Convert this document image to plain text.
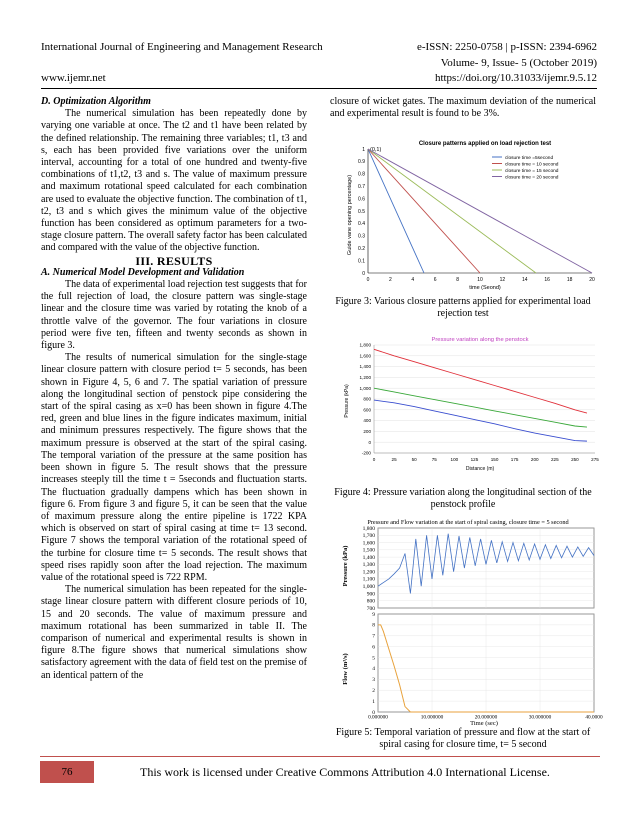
International Journal of Engineering and Management Research	e-ISSN: 2250-0758 | p-ISSN: 2394-6962
Volume- 9, Issue- 5 (October 2019)
www.ijemr.net	https://doi.org/10.31033/ijemr.9.5.12

D. Optimization Algorithm

The numerical simulation has been repeatedly done by varying one variable at once. The t2 and t1 have been related by the defined relationship. The remaining three variables; t1, t3 and s, each has been provided five variations over the uniform interval, accounting for a total of one hundred and twenty-five combinations of t1,t2, t3 and s. The value of maximum pressure and maximum rotational speed calculated for each combination are used to evaluate the objective function. The combination of t1, t2, t3 and s which gives the minimum value of the objective function has been considered as optimum parameters for a two-stage closure pattern. The overall safety factor has been calculated and compared with the value of the objective function.

III. RESULTS

A. Numerical Model Development and Validation

The data of experimental load rejection test suggests that for the full rejection of load, the closure pattern was single-stage linear and the closure time was varied by rotating the knob of a throttle valve of the governor. The four variations in closure period were five ten, fifteen and twenty seconds as shown in figure 3.

The results of numerical simulation for the single-stage linear closure pattern with closure period t= 5 seconds, has been shown in Figure 4, 5, 6 and 7. The spatial variation of pressure along the longitudinal section of penstock pipe considering the start of the spiral casing as x=0 has been shown in figure 4.The red, green and blue lines in the figure indicates maximum, initial and minimum pressures respectively. The figure shows that the maximum pressure is observed at the start of the spiral casing. The temporal variation of the pressure at the same position has been shown in figure 5. The result shows that the pressure increases steeply till the time t = 5seconds and fluctuation starts. The fluctuation gradually dampens which has been shown in figure 6. From figure 3 and figure 5, it can be seen that the value of maximum pressure along the entire pipeline is 1722 KPA which is observed on start of spiral casing at time t= 13 second. Figure 7 shows the temporal variation of the rotational speed of the turbine for closure time t= 5 seconds. The result shows that speed rises rapidly soon after the load rejection. The maximum value of the rotational speed is 722 RPM.

The numerical simulation has been repeated for the single-stage linear closure pattern with different closure periods of 10, 15 and 20 seconds. The value of maximum pressure and maximum rotational has been summarized in table II. The comparison of numerical and experimental results is shown in figure 8.The figure shows that numerical simulations show satisfactory agreement with the data of field test on the premise of an identical pattern of the

closure of wicket gates. The maximum deviation of the numerical and experimental result is found to be 3%.

Closure patterns applied on load rejection test
Guide vane opening percentage)
time (Seond)
(0,1)
0	2	4	6	8	10	12	14	16	18	20
0
0.1
0.2
0.3
0.4
0.5
0.6
0.7
0.8
0.9
1
closure time =5second
closure time = 10 second
closure time = 15 second
closure time = 20 second
Figure 3: Various closure patterns applied for experimental load rejection test
Pressure variation along the penstock
Pressure (kPa)
Distance (m)
-200
0
200
400
600
800
1,000
1,200
1,400
1,600
1,800
0	25	50	75	100	125	150	175	200	225	250	275
Figure 4: Pressure variation along the longitudinal section of the penstock profile
Pressure and Flow variation at the start of spiral casing, closure time = 5 second
Pressure (kPa)
Flow (m³/s)
Time (sec)
700
800
900
1,000
1,100
1,200
1,300
1,400
1,500
1,600
1,700
1,800
0
1
2
3
4
5
6
7
8
9
0.000000	10.000000	20.000000	30.000000	40.0000
Figure 5: Temporal variation of pressure and flow at the start of spiral casing for closure time, t= 5 second
76	This work is licensed under Creative Commons Attribution 4.0 International License.
